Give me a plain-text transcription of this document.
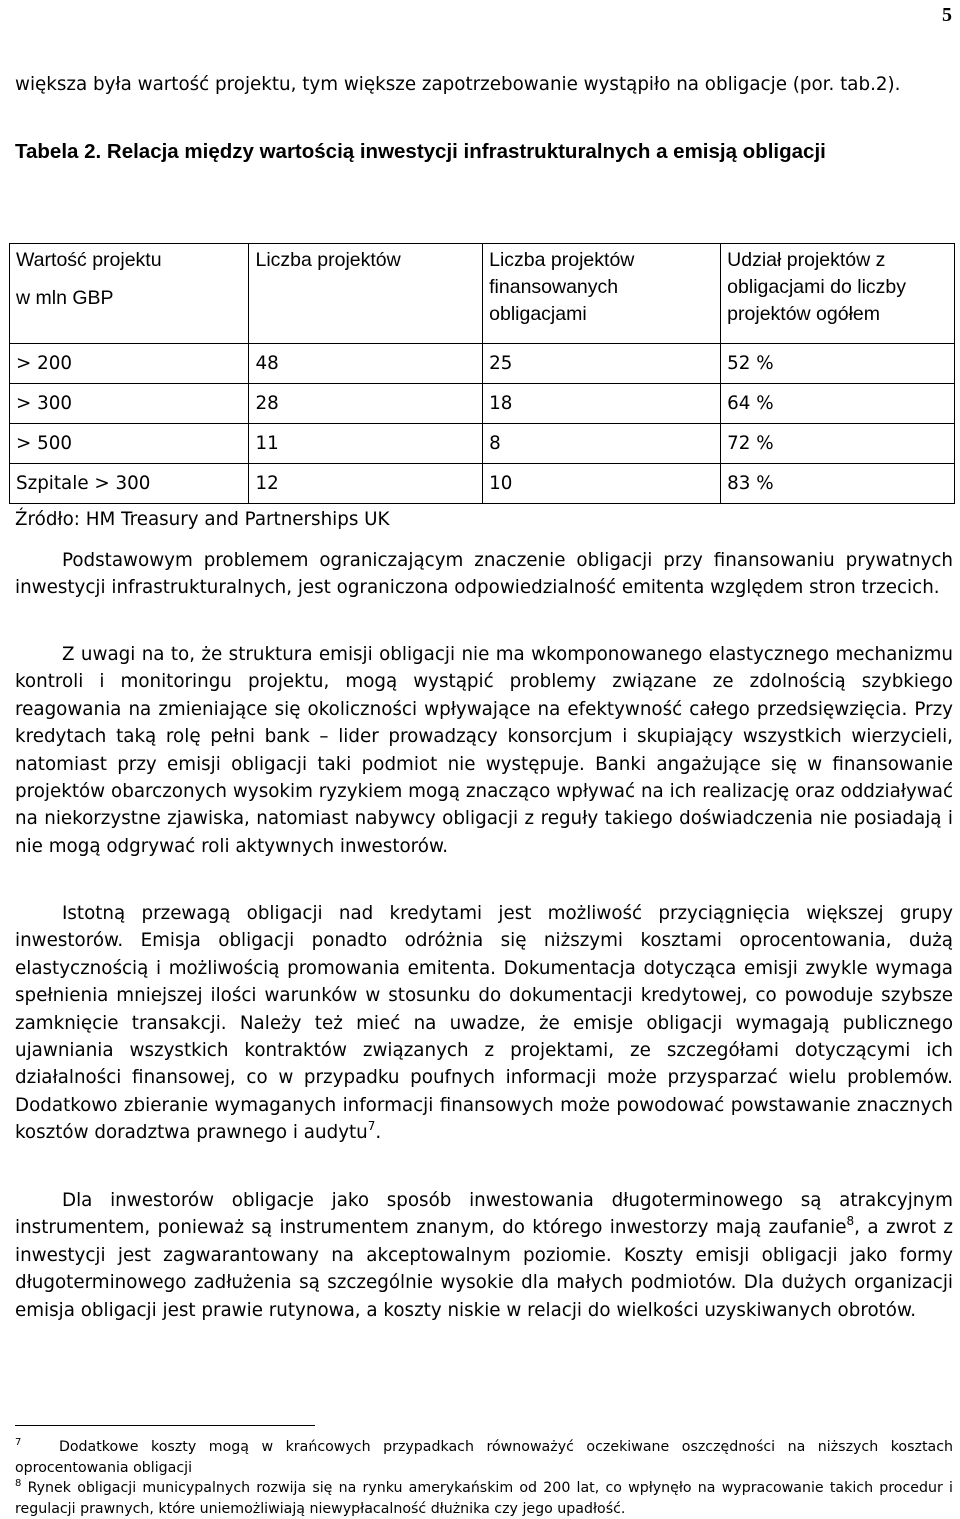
5

większa była wartość projektu, tym większe zapotrzebowanie wystąpiło na obligacje (por. tab.2).

Tabela 2. Relacja między wartością inwestycji infrastrukturalnych a emisją obligacji

Wartość projektu
w mln GBP	Liczba projektów	Liczba projektów finansowanych obligacjami	Udział projektów z obligacjami do liczby projektów ogółem
> 200	48	25	52 %
> 300	28	18	64 %
> 500	11	8	72 %
Szpitale > 300	12	10	83 %

Źródło: HM Treasury and Partnerships UK

Podstawowym problemem ograniczającym znaczenie obligacji przy finansowaniu prywatnych inwestycji infrastrukturalnych, jest ograniczona odpowiedzialność emitenta względem stron trzecich.

Z uwagi na to, że struktura emisji obligacji nie ma wkomponowanego elastycznego mechanizmu kontroli i monitoringu projektu, mogą wystąpić problemy związane ze zdolnością szybkiego reagowania na zmieniające się okoliczności wpływające na efektywność całego przedsięwzięcia. Przy kredytach taką rolę pełni bank – lider prowadzący konsorcjum i skupiający wszystkich wierzycieli, natomiast przy emisji obligacji taki podmiot nie występuje. Banki angażujące się w finansowanie projektów obarczonych wysokim ryzykiem mogą znacząco wpływać na ich realizację oraz oddziaływać na niekorzystne zjawiska, natomiast nabywcy obligacji z reguły takiego doświadczenia nie posiadają i nie mogą odgrywać roli aktywnych inwestorów.

Istotną przewagą obligacji nad kredytami jest możliwość przyciągnięcia większej grupy inwestorów. Emisja obligacji ponadto odróżnia się niższymi kosztami oprocentowania, dużą elastycznością i możliwością promowania emitenta. Dokumentacja dotycząca emisji zwykle wymaga spełnienia mniejszej ilości warunków w stosunku do dokumentacji kredytowej, co powoduje szybsze zamknięcie transakcji. Należy też mieć na uwadze, że emisje obligacji wymagają publicznego ujawniania wszystkich kontraktów związanych z projektami, ze szczegółami dotyczącymi ich działalności finansowej, co w przypadku poufnych informacji może przysparzać wielu problemów. Dodatkowo zbieranie wymaganych informacji finansowych może powodować powstawanie znacznych kosztów doradztwa prawnego i audytu$^7$.

Dla inwestorów obligacje jako sposób inwestowania długoterminowego są atrakcyjnym instrumentem, ponieważ są instrumentem znanym, do którego inwestorzy mają zaufanie$^8$, a zwrot z inwestycji jest zagwarantowany na akceptowalnym poziomie. Koszty emisji obligacji jako formy długoterminowego zadłużenia są szczególnie wysokie dla małych podmiotów. Dla dużych organizacji emisja obligacji jest prawie rutynowa, a koszty niskie w relacji do wielkości uzyskiwanych obrotów.

$^7$	Dodatkowe koszty mogą w krańcowych przypadkach równoważyć oczekiwane oszczędności na niższych kosztach oprocentowania obligacji

$^8$ Rynek obligacji municypalnych rozwija się na rynku amerykańskim od 200 lat, co wpłynęło na wypracowanie takich procedur i regulacji prawnych, które uniemożliwiają niewypłacalność dłużnika czy jego upadłość.
